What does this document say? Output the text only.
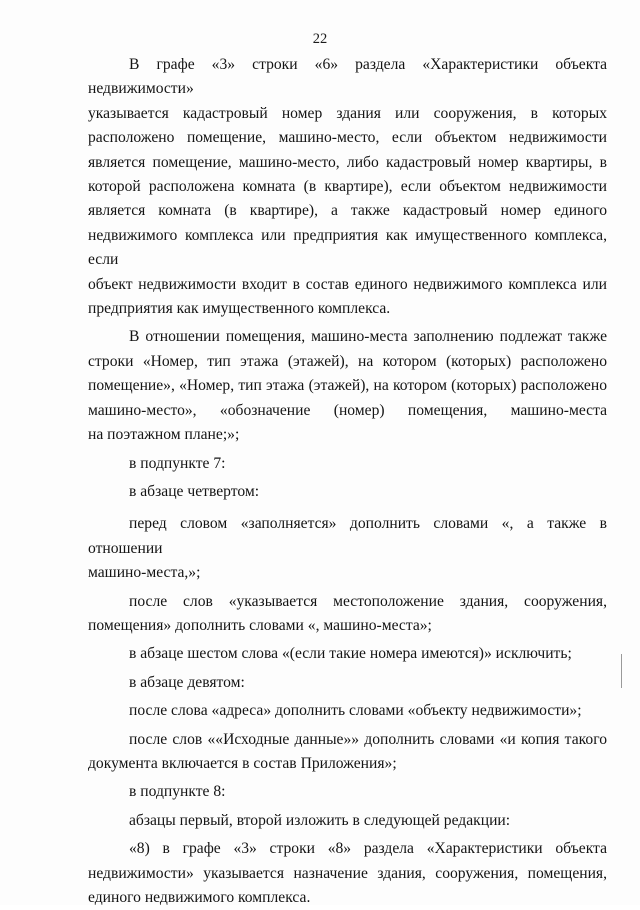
22

В графе «3» строки «6» раздела «Характеристики объекта недвижимости»

указывается кадастровый номер здания или сооружения, в которых

расположено помещение, машино-место, если объектом недвижимости

является помещение, машино-место, либо кадастровый номер квартиры, в

которой расположена комната (в квартире), если объектом недвижимости

является комната (в квартире), а также кадастровый номер единого

недвижимого комплекса или предприятия как имущественного комплекса, если

объект недвижимости входит в состав единого недвижимого комплекса или

предприятия как имущественного комплекса.

В отношении помещения, машино-места заполнению подлежат также

строки «Номер, тип этажа (этажей), на котором (которых) расположено

помещение», «Номер, тип этажа (этажей), на котором (которых) расположено

машино-место», «обозначение (номер) помещения, машино-места

на поэтажном плане;»;

в подпункте 7:

в абзаце четвертом:

перед словом «заполняется» дополнить словами «, а также в отношении

машино-места,»;

после слов «указывается местоположение здания, сооружения,

помещения» дополнить словами «, машино-места»;

в абзаце шестом слова «(если такие номера имеются)» исключить;

в абзаце девятом:

после слова «адреса» дополнить словами «объекту недвижимости»;

после слов ««Исходные данные»» дополнить словами «и копия такого

документа включается в состав Приложения»;

в подпункте 8:

абзацы первый, второй изложить в следующей редакции:

«8) в графе «3» строки «8» раздела «Характеристики объекта

недвижимости» указывается назначение здания, сооружения, помещения,

единого недвижимого комплекса.
